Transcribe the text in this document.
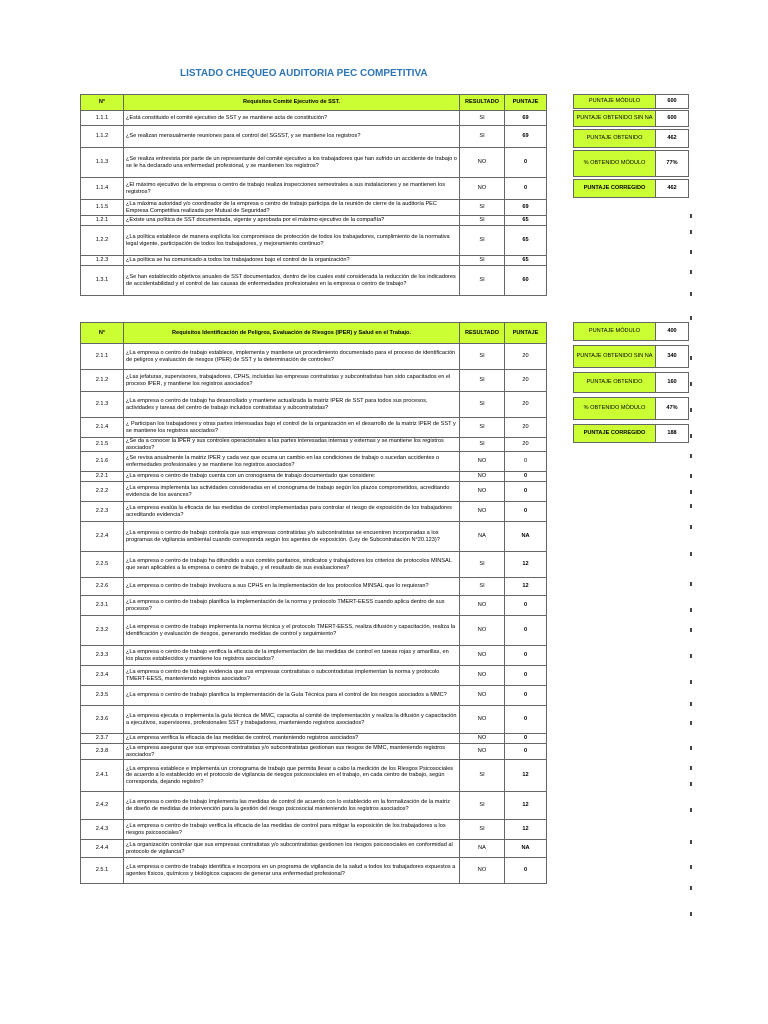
LISTADO CHEQUEO AUDITORIA PEC COMPETITIVA
N°	Requisitos Comité Ejecutivo de SST.	RESULTADO	PUNTAJE
1.1.1	¿Está constituido el comité ejecutivo de SST y se mantiene acta de constitución?	SI	69
1.1.2	¿Se realizan mensualmente reuniones para el control del SGSST, y se mantiene los registros?	SI	69
1.1.3	¿Se realiza entrevista por parte de un representante del comité ejecutivo a los trabajadores que han sufrido un accidente de trabajo o se le ha declarado una enfermedad profesional, y se mantienen los registros?	NO	0
1.1.4	¿El máximo ejecutivo de la empresa o centro de trabajo realiza inspecciones semestrales a sus instalaciones y se mantienen los registros?	NO	0
1.1.5	¿La máxima autoridad y/o coordinador de la empresa o centro de trabajo participa de la reunión de cierre de la auditoría PEC Empresa Competitiva realizada por Mutual de Seguridad?	SI	69
1.2.1	¿Existe una política de SST documentada, vigente y aprobada por el máximo ejecutivo de la compañía?	SI	65
1.2.2	¿La política establece de manera explícita los compromisos de protección de todos los trabajadores, cumplimiento de la normativa legal vigente, participación de todos los trabajadores, y mejoramiento continuo?	SI	65
1.2.3	¿La política se ha comunicado a todos los trabajadores bajo el control de la organización?	SI	65
1.3.1	¿Se han establecido objetivos anuales de SST documentados, dentro de los cuales esté considerada la reducción de los indicadores de accidentabilidad y el control de las causas de enfermedades profesionales en la empresa o centro de trabajo?	SI	60
PUNTAJE MÓDULO	600

PUNTAJE OBTENIDO SIN NA	600

PUNTAJE OBTENIDO	462

% OBTENIDO MÓDULO	77%

PUNTAJE CORREGIDO	462
N°	Requisitos Identificación de Peligros, Evaluación de Riesgos (IPER) y Salud en el Trabajo.	RESULTADO	PUNTAJE
2.1.1	¿La empresa o centro de trabajo establece, implementa y mantiene un procedimiento documentado para el proceso de identificación de peligros y evaluación de riesgos (IPER) de SST y la determinación de controles?	SI	20
2.1.2	¿Las jefaturas, supervisores, trabajadores, CPHS, incluidas las empresas contratistas y subcontratistas han sido capacitados en el proceso IPER, y mantiene los registros asociados?	SI	20
2.1.3	¿La empresa o centro de trabajo ha desarrollado y mantiene actualizada la matriz IPER de SST para todos sus procesos, actividades y tareas del centro de trabajo incluidos contratistas y subcontratistas?	SI	20
2.1.4	¿ Participan los trabajadores y otras partes interesadas bajo el control de la organización en el desarrollo de la matriz IPER de SST y se mantiene los registros asociados?	SI	20
2.1.5	¿Se da a conocer la IPER y sus controles operacionales a las partes interesadas internas y externas y se mantiene los registros asociados?	SI	20
2.1.6	¿Se revisa anualmente la matriz IPER y cada vez que ocurra un cambio en las condiciones de trabajo o sucedan accidentes o enfermedades profesionales y se mantiene los registros asociados?	NO	0
2.2.1	¿La empresa o centro de trabajo cuenta con un cronograma de trabajo documentado que considere:	NO	0
2.2.2	¿La empresa implementa las actividades consideradas en el cronograma de trabajo según los plazos comprometidos, acreditando evidencia de los avances?	NO	0
2.2.3	¿La empresa evalúa la eficacia de las medidas de control implementadas para controlar el riesgo de exposición de los trabajadores acreditando evidencia?	NO	0
2.2.4	¿La empresa o centro de trabajo controla que sus empresas contratistas y/o subcontratistas se encuentren incorporadas a los programas de vigilancia ambiental cuando corresponda según los agentes de exposición. (Ley de Subcontratación N°20.123)?	NA	NA
2.2.5	¿La empresa o centro de trabajo ha difundido a sus comités paritarios, sindicatos y trabajadores los criterios de protocolos MINSAL que sean aplicables a la empresa o centro de trabajo, y el resultado de sus evaluaciones?	SI	12
2.2.6	¿La empresa o centro de trabajo involucra a sus CPHS en la implementación de los protocolos MINSAL que lo requieran?	SI	12
2.3.1	¿La empresa o centro de trabajo planifica la implementación de la norma y protocolo TMERT-EESS cuando aplica dentro de sus procesos?	NO	0
2.3.2	¿La empresa o centro de trabajo implementa la norma técnica y el protocolo TMERT-EESS, realiza difusión y capacitación, realiza la identificación y evaluación de riesgos, generando medidas de control y seguimiento?	NO	0
2.3.3	¿La empresa o centro de trabajo verifica la eficacia de la implementación de las medidas de control en tareas rojas y amarillas, en los plazos establecidos y mantiene los registros asociados?	NO	0
2.3.4	¿La empresa o centro de trabajo evidencia que sus empresas contratistas o subcontratistas implementan la norma y protocolo TMERT-EESS, manteniendo registros asociados?	NO	0
2.3.5	¿La empresa o centro de trabajo planifica la implementación de la Guía Técnica para el control de los riesgos asociados a MMC?	NO	0
2.3.6	¿La empresa ejecuta o implementa la guía técnica de MMC, capacita al comité de implementación y realiza la difusión y capacitación a ejecutivos, supervisores, profesionales SST y trabajadores, manteniendo registros asociados?	NO	0
2.3.7	¿La empresa verifica la eficacia de las medidas de control, manteniendo registros asociados?	NO	0
2.3.8	¿La empresa asegurar que sus empresas contratistas y/o subcontratistas gestionan sus riesgos de MMC, manteniendo registros asociados?	NO	0
2.4.1	¿La empresa establece e implementa un cronograma de trabajo que permita llevar a cabo la medición de los Riesgos Psicosociales de acuerdo a lo establecido en el protocolo de vigilancia de riesgos psicosociales en el trabajo, en cada centro de trabajo, según corresponda, dejando registro?	SI	12
2.4.2	¿La empresa o centro de trabajo Implementa las medidas de control de acuerdo con lo establecido en la formalización de la matriz de diseño de medidas de intervención para la gestión del riesgo psicosocial manteniendo los registros asociados?	SI	12
2.4.3	¿La empresa o centro de trabajo verifica la eficacia de las medidas de control para mitigar la exposición de los trabajadores a los riesgos psicosociales?	SI	12
2.4.4	¿La organización controlar que sus empresas contratistas y/o subcontratistas gestionen los riesgos psicosociales en conformidad al protocolo de vigilancia?	NA	NA
2.5.1	¿La empresa o centro de trabajo identifica e incorpora en un programa de vigilancia de la salud a todos los trabajadores expuestos a agentes físicos, químicos y biológicos capaces de generar una enfermedad profesional?	NO	0
PUNTAJE MÓDULO	400

PUNTAJE OBTENIDO SIN NA	340

PUNTAJE OBTENIDO	160

% OBTENIDO MÓDULO	47%

PUNTAJE CORREGIDO	188
